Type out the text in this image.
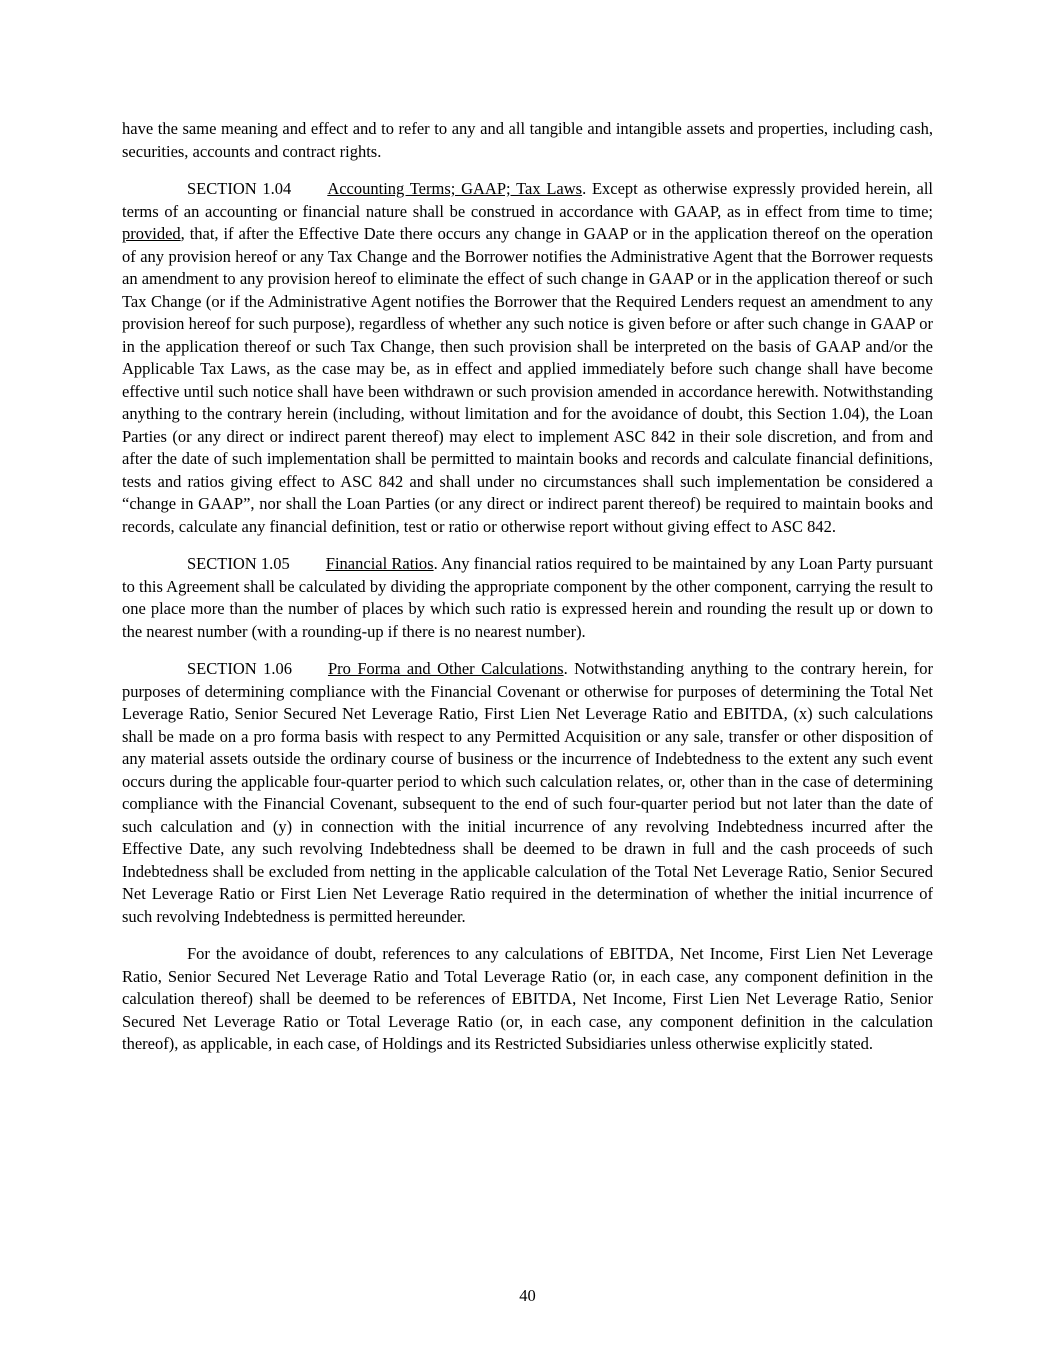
have the same meaning and effect and to refer to any and all tangible and intangible assets and properties, including cash, securities, accounts and contract rights.

SECTION 1.04 Accounting Terms; GAAP; Tax Laws. Except as otherwise expressly provided herein, all terms of an accounting or financial nature shall be construed in accordance with GAAP, as in effect from time to time; provided, that, if after the Effective Date there occurs any change in GAAP or in the application thereof on the operation of any provision hereof or any Tax Change and the Borrower notifies the Administrative Agent that the Borrower requests an amendment to any provision hereof to eliminate the effect of such change in GAAP or in the application thereof or such Tax Change (or if the Administrative Agent notifies the Borrower that the Required Lenders request an amendment to any provision hereof for such purpose), regardless of whether any such notice is given before or after such change in GAAP or in the application thereof or such Tax Change, then such provision shall be interpreted on the basis of GAAP and/or the Applicable Tax Laws, as the case may be, as in effect and applied immediately before such change shall have become effective until such notice shall have been withdrawn or such provision amended in accordance herewith. Notwithstanding anything to the contrary herein (including, without limitation and for the avoidance of doubt, this Section 1.04), the Loan Parties (or any direct or indirect parent thereof) may elect to implement ASC 842 in their sole discretion, and from and after the date of such implementation shall be permitted to maintain books and records and calculate financial definitions, tests and ratios giving effect to ASC 842 and shall under no circumstances shall such implementation be considered a “change in GAAP”, nor shall the Loan Parties (or any direct or indirect parent thereof) be required to maintain books and records, calculate any financial definition, test or ratio or otherwise report without giving effect to ASC 842.

SECTION 1.05 Financial Ratios. Any financial ratios required to be maintained by any Loan Party pursuant to this Agreement shall be calculated by dividing the appropriate component by the other component, carrying the result to one place more than the number of places by which such ratio is expressed herein and rounding the result up or down to the nearest number (with a rounding-up if there is no nearest number).

SECTION 1.06 Pro Forma and Other Calculations. Notwithstanding anything to the contrary herein, for purposes of determining compliance with the Financial Covenant or otherwise for purposes of determining the Total Net Leverage Ratio, Senior Secured Net Leverage Ratio, First Lien Net Leverage Ratio and EBITDA, (x) such calculations shall be made on a pro forma basis with respect to any Permitted Acquisition or any sale, transfer or other disposition of any material assets outside the ordinary course of business or the incurrence of Indebtedness to the extent any such event occurs during the applicable four-quarter period to which such calculation relates, or, other than in the case of determining compliance with the Financial Covenant, subsequent to the end of such four-quarter period but not later than the date of such calculation and (y) in connection with the initial incurrence of any revolving Indebtedness incurred after the Effective Date, any such revolving Indebtedness shall be deemed to be drawn in full and the cash proceeds of such Indebtedness shall be excluded from netting in the applicable calculation of the Total Net Leverage Ratio, Senior Secured Net Leverage Ratio or First Lien Net Leverage Ratio required in the determination of whether the initial incurrence of such revolving Indebtedness is permitted hereunder.

For the avoidance of doubt, references to any calculations of EBITDA, Net Income, First Lien Net Leverage Ratio, Senior Secured Net Leverage Ratio and Total Leverage Ratio (or, in each case, any component definition in the calculation thereof) shall be deemed to be references of EBITDA, Net Income, First Lien Net Leverage Ratio, Senior Secured Net Leverage Ratio or Total Leverage Ratio (or, in each case, any component definition in the calculation thereof), as applicable, in each case, of Holdings and its Restricted Subsidiaries unless otherwise explicitly stated.

40
